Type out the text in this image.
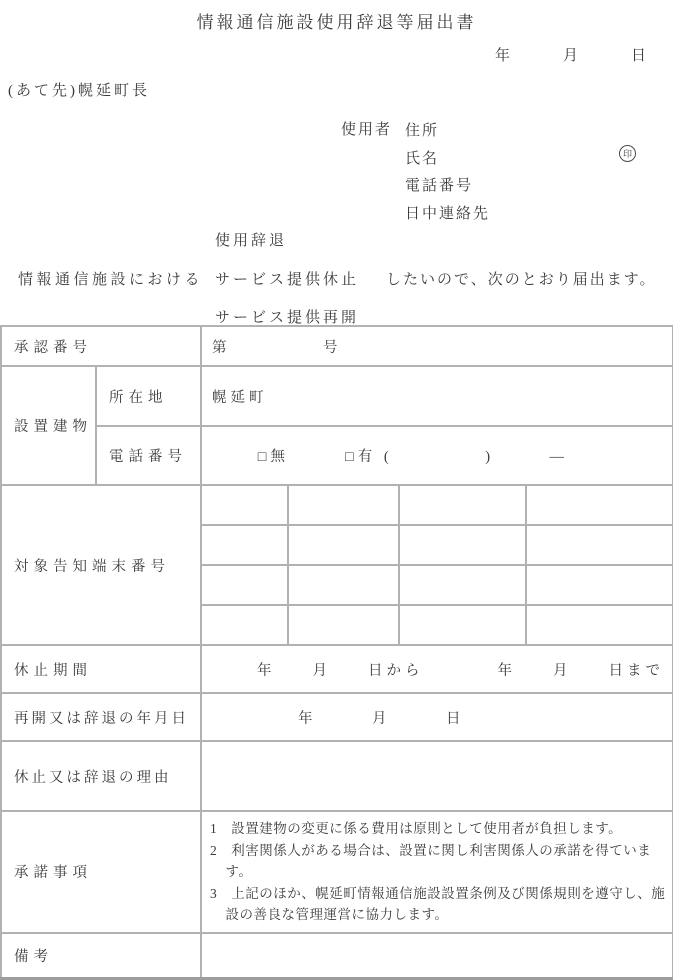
情報通信施設使用辞退等届出書
年　　　月　　　日
(あて先)幌延町長
使用者 住所
氏名
電話番号
日中連絡先
印
情報通信施設における
使用辞退
サービス提供休止
サービス提供再開
したいので、次のとおり届出ます。
承認番号		第　　　　　号			
設置建物	所在地	幌延町			
	電話番号	□無 □有 (　　　　　)　　　—			

対象告知端末番号					

休止期間		年　　月　　日から　　　　年　　月　　日まで			
再開又は辞退の年月日		年　　　月　　　日			
休止又は辞退の理由					
承諾事項		1　設置建物の変更に係る費用は原則として使用者が負担します。
2　利害関係人がある場合は、設置に関し利害関係人の承諾を得ています。
3　上記のほか、幌延町情報通信施設設置条例及び関係規則を遵守し、施設の善良な管理運営に協力します。			

備考					
